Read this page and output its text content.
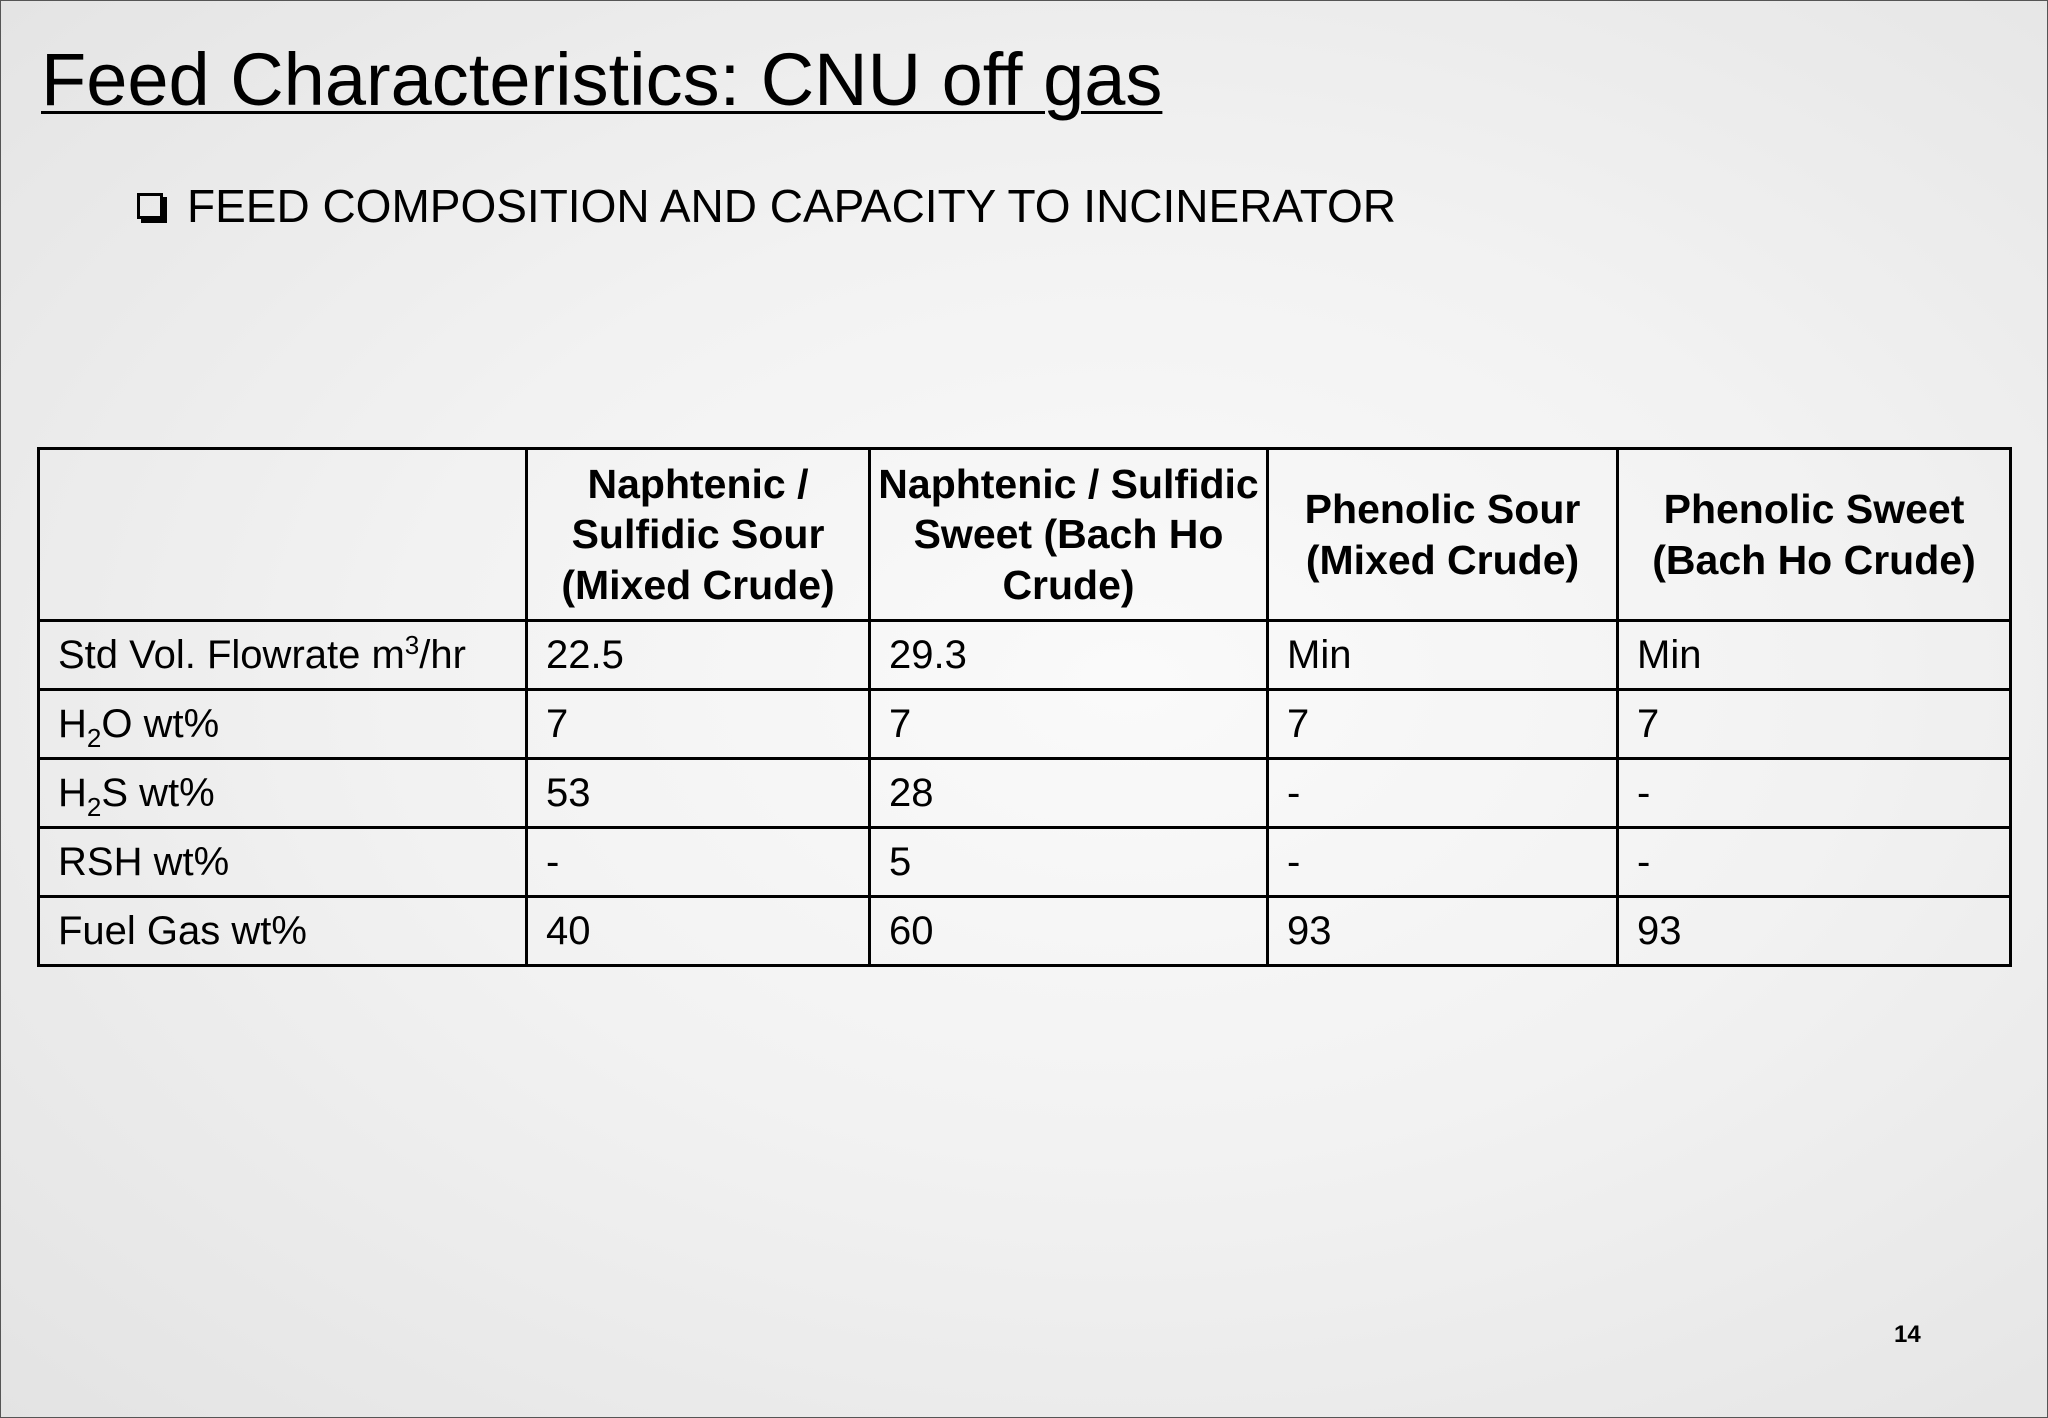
Feed Characteristics: CNU off gas
FEED COMPOSITION AND CAPACITY TO INCINERATOR
	Naphtenic / Sulfidic Sour (Mixed Crude)	Naphtenic / Sulfidic Sweet (Bach Ho Crude)	Phenolic Sour (Mixed Crude)	Phenolic Sweet (Bach Ho Crude)
Std Vol. Flowrate $m^3/hr$	22.5	29.3	Min	Min
$H_2O$ wt%	7	7	7	7
$H_2S$ wt%	53	28	-	-
RSH wt%	-	5	-	-
Fuel Gas wt%	40	60	93	93
14
